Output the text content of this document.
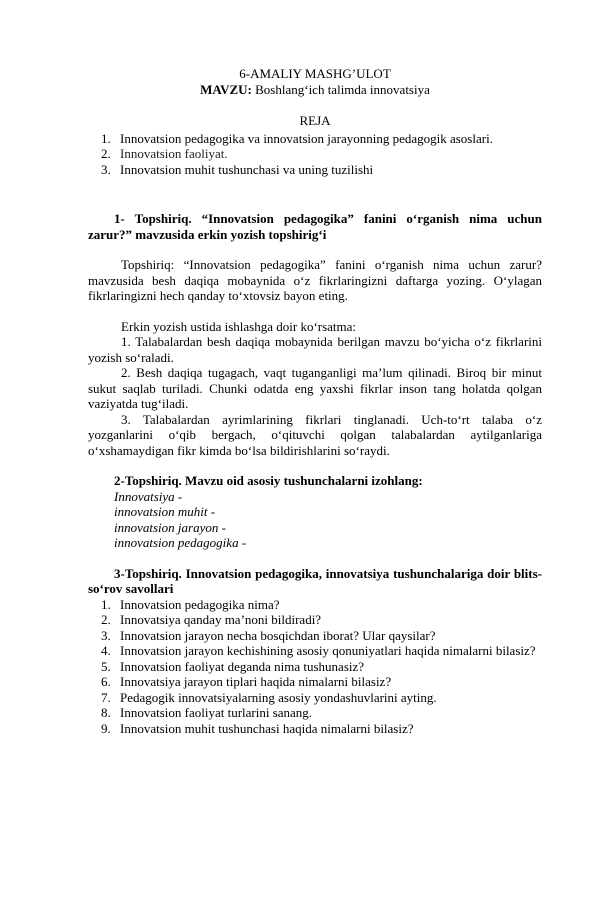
6-AMALIY MASHG’ULOT
MAVZU: Boshlang‘ich talimda innovatsiya
REJA
1. Innovatsion pedagogika va innovatsion jarayonning pedagogik asoslari.
2. Innovatsion faoliyat.
3. Innovatsion muhit tushunchasi va uning tuzilishi
1- Topshiriq. “Innovatsion pedagogika” fanini o‘rganish nima uchun zarur?” mavzusida erkin yozish topshirig‘i
Topshiriq: “Innovatsion pedagogika” fanini o‘rganish nima uchun zarur? mavzusida besh daqiqa mobaynida o‘z fikrlaringizni daftarga yozing. O‘ylagan fikrlaringizni hech qanday to‘xtovsiz bayon eting.
Erkin yozish ustida ishlashga doir ko‘rsatma:
1. Talabalardan besh daqiqa mobaynida berilgan mavzu bo‘yicha o‘z fikrlarini yozish so‘raladi.
2. Besh daqiqa tugagach, vaqt tuganganligi ma’lum qilinadi. Biroq bir minut sukut saqlab turiladi. Chunki odatda eng yaxshi fikrlar inson tang holatda qolgan vaziyatda tug‘iladi.
3. Talabalardan ayrimlarining fikrlari tinglanadi. Uch-to‘rt talaba o‘z yozganlarini o‘qib bergach, o‘qituvchi qolgan talabalardan aytilganlariga o‘xshamaydigan fikr kimda bo‘lsa bildirishlarini so‘raydi.
2-Topshiriq. Mavzu oid asosiy tushunchalarni izohlang:
Innovatsiya -
innovatsion muhit -
innovatsion jarayon -
innovatsion pedagogika -
3-Topshiriq. Innovatsion pedagogika, innovatsiya tushunchalariga doir blits-so‘rov savollari
1. Innovatsion pedagogika nima?
2. Innovatsiya qanday ma’noni bildiradi?
3. Innovatsion jarayon necha bosqichdan iborat? Ular qaysilar?
4. Innovatsion jarayon kechishining asosiy qonuniyatlari haqida nimalarni bilasiz?
5. Innovatsion faoliyat deganda nima tushunasiz?
6. Innovatsiya jarayon tiplari haqida nimalarni bilasiz?
7. Pedagogik innovatsiyalarning asosiy yondashuvlarini ayting.
8. Innovatsion faoliyat turlarini sanang.
9. Innovatsion muhit tushunchasi haqida nimalarni bilasiz?
